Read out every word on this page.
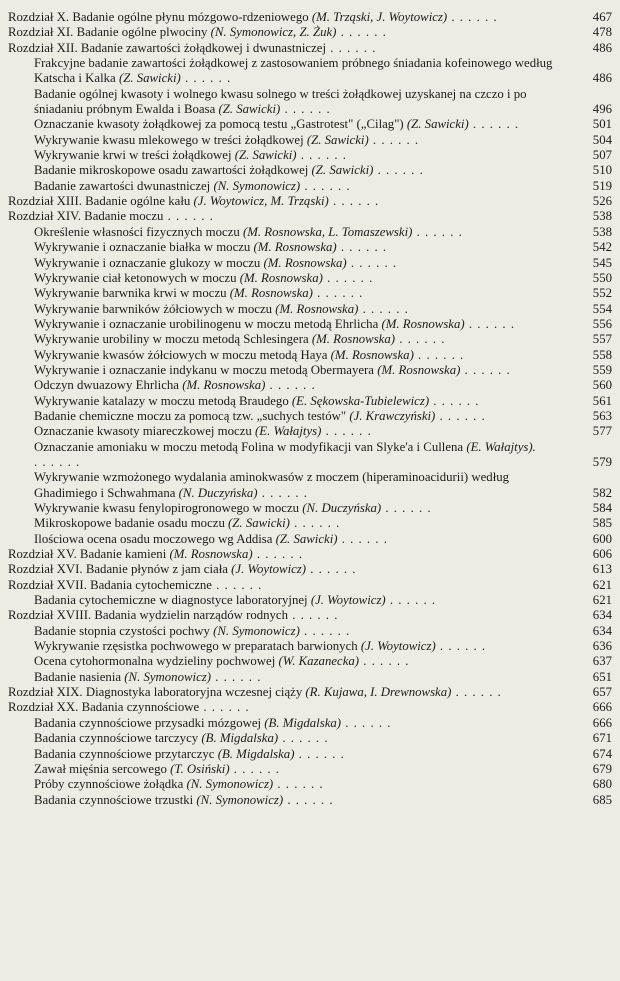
Rozdział X. Badanie ogólne płynu mózgowo-rdzeniowego (M. Trząski, J. Woytowicz) . . . . . .	467
Rozdział XI. Badanie ogólne plwociny (N. Symonowicz, Z. Żuk) . . . . . .	478
Rozdział XII. Badanie zawartości żołądkowej i dwunastniczej . . . . . .	486
Frakcyjne badanie zawartości żołądkowej z zastosowaniem próbnego śniadania kofeinowego według Katscha i Kalka (Z. Sawicki) . . . . . .	486
Badanie ogólnej kwasoty i wolnego kwasu solnego w treści żołądkowej uzyskanej na czczo i po śniadaniu próbnym Ewalda i Boasa (Z. Sawicki) . . . . . .	496
Oznaczanie kwasoty żołądkowej za pomocą testu „Gastrotest" („Cilag") (Z. Sawicki) . . . . . .	501
Wykrywanie kwasu mlekowego w treści żołądkowej (Z. Sawicki) . . . . . .	504
Wykrywanie krwi w treści żołądkowej (Z. Sawicki) . . . . . .	507
Badanie mikroskopowe osadu zawartości żołądkowej (Z. Sawicki) . . . . . .	510
Badanie zawartości dwunastniczej (N. Symonowicz) . . . . . .	519
Rozdział XIII. Badanie ogólne kału (J. Woytowicz, M. Trząski) . . . . . .	526
Rozdział XIV. Badanie moczu . . . . . .	538
Określenie własności fizycznych moczu (M. Rosnowska, L. Tomaszewski) . . . . . .	538
Wykrywanie i oznaczanie białka w moczu (M. Rosnowska) . . . . . .	542
Wykrywanie i oznaczanie glukozy w moczu (M. Rosnowska) . . . . . .	545
Wykrywanie ciał ketonowych w moczu (M. Rosnowska) . . . . . .	550
Wykrywanie barwnika krwi w moczu (M. Rosnowska) . . . . . .	552
Wykrywanie barwników żółciowych w moczu (M. Rosnowska) . . . . . .	554
Wykrywanie i oznaczanie urobilinogenu w moczu metodą Ehrlicha (M. Rosnowska) . . . . . .	556
Wykrywanie urobiliny w moczu metodą Schlesingera (M. Rosnowska) . . . . . .	557
Wykrywanie kwasów żółciowych w moczu metodą Haya (M. Rosnowska) . . . . . .	558
Wykrywanie i oznaczanie indykanu w moczu metodą Obermayera (M. Rosnowska) . . . . . .	559
Odczyn dwuazowy Ehrlicha (M. Rosnowska) . . . . . .	560
Wykrywanie katalazy w moczu metodą Braudego (E. Sękowska-Tubielewicz) . . . . . .	561
Badanie chemiczne moczu za pomocą tzw. „suchych testów" (J. Krawczyński) . . . . . .	563
Oznaczanie kwasoty miareczkowej moczu (E. Wałajtys) . . . . . .	577
Oznaczanie amoniaku w moczu metodą Folina w modyfikacji van Slyke'a i Cullena (E. Wałajtys). . . . . . .	579
Wykrywanie wzmożonego wydalania aminokwasów z moczem (hiperaminoacidurii) według Ghadimiego i Schwahmana (N. Duczyńska) . . . . . .	582
Wykrywanie kwasu fenylopirogronowego w moczu (N. Duczyńska) . . . . . .	584
Mikroskopowe badanie osadu moczu (Z. Sawicki) . . . . . .	585
Ilościowa ocena osadu moczowego wg Addisa (Z. Sawicki) . . . . . .	600
Rozdział XV. Badanie kamieni (M. Rosnowska) . . . . . .	606
Rozdział XVI. Badanie płynów z jam ciała (J. Woytowicz) . . . . . .	613
Rozdział XVII. Badania cytochemiczne . . . . . .	621
Badania cytochemiczne w diagnostyce laboratoryjnej (J. Woytowicz) . . . . . .	621
Rozdział XVIII. Badania wydzielin narządów rodnych . . . . . .	634
Badanie stopnia czystości pochwy (N. Symonowicz) . . . . . .	634
Wykrywanie rzęsistka pochwowego w preparatach barwionych (J. Woytowicz) . . . . . .	636
Ocena cytohormonalna wydzieliny pochwowej (W. Kazanecka) . . . . . .	637
Badanie nasienia (N. Symonowicz) . . . . . .	651
Rozdział XIX. Diagnostyka laboratoryjna wczesnej ciąży (R. Kujawa, I. Drewnowska) . . . . . .	657
Rozdział XX. Badania czynnościowe . . . . . .	666
Badania czynnościowe przysadki mózgowej (B. Migdalska) . . . . . .	666
Badania czynnościowe tarczycy (B. Migdalska) . . . . . .	671
Badania czynnościowe przytarczyc (B. Migdalska) . . . . . .	674
Zawał mięśnia sercowego (T. Osiński) . . . . . .	679
Próby czynnościowe żołądka (N. Symonowicz) . . . . . .	680
Badania czynnościowe trzustki (N. Symonowicz) . . . . . .	685
